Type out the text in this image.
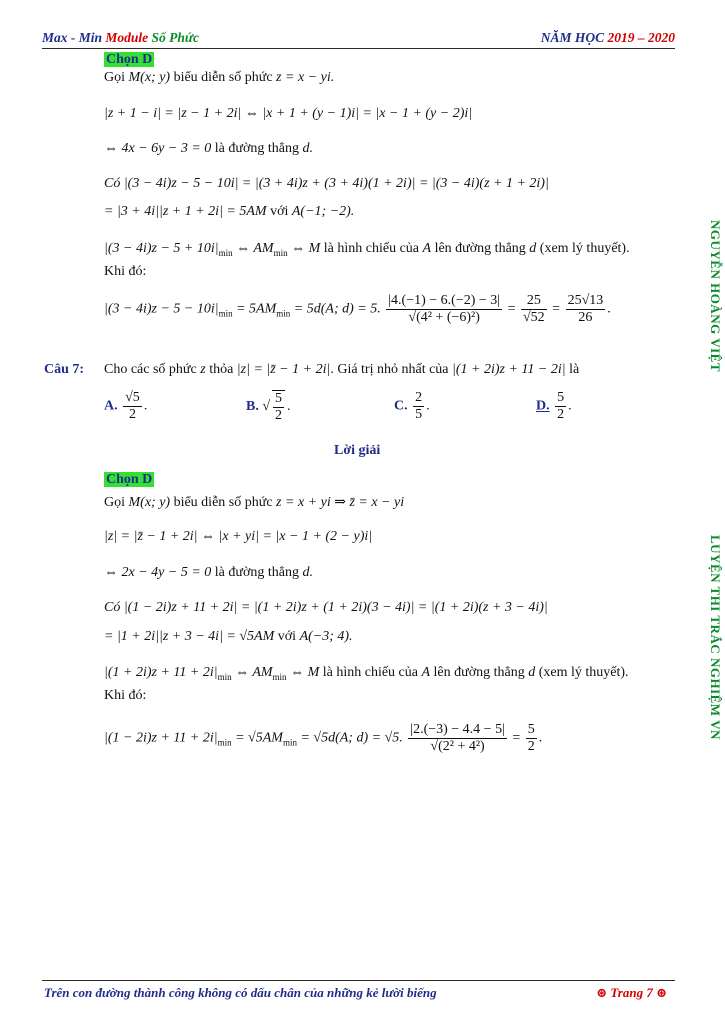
Max - Min Module Số Phức	NĂM HỌC 2019 – 2020
NGUYỄN HOÀNG VIỆT
LUYỆN THI TRẮC NGHIỆM VN
Chọn D
Gọi M(x; y) biểu diễn số phức z = x − yi.
|z + 1 − i| = |z − 1 + 2i| ⇔ |x + 1 + (y − 1)i| = |x − 1 + (y − 2)i|
⇔ 4x − 6y − 3 = 0 là đường thẳng d.
Có |(3 − 4i)z − 5 − 10i| = |(3 + 4i)z + (3 + 4i)(1 + 2i)| = |(3 − 4i)(z + 1 + 2i)|
= |3 + 4i||z + 1 + 2i| = 5AM với A(−1; −2).
$|(3 - 4i)z - 5 + 10i|_{min}$ ⇔ $AM_{min}$ ⇔ M là hình chiếu của A lên đường thẳng d (xem lý thuyết).
Khi đó:
$|(3 - 4i)z - 5 - 10i|_{min} = 5AM_{min} = 5d(A$; d) = 5. $\frac{|4.(-1) - 6.(-2) - 3|}{\text{√(4² + (−6)²)}} = \frac{25}{√52} = \frac{25√13}{26}$ .
Câu 7: Cho các số phức z thỏa |z| = |z̄ − 1 + 2i|. Giá trị nhỏ nhất của |(1 + 2i)z + 11 − 2i| là
A. $\frac{√5}{2}$ .	B. √ $\frac{5}{2}$ .	C. $\frac{2}{5}$ .	D. $\frac{5}{2}$ .
Lời giải
Chọn D
Gọi M(x; y) biểu diễn số phức z = x + yi ⇒ z̄ = x − yi
|z| = |z̄ − 1 + 2i| ⇔ |x + yi| = |x − 1 + (2 − y)i|
⇔ 2x − 4y − 5 = 0 là đường thẳng d.
Có |(1 − 2i)z + 11 + 2i| = |(1 + 2i)z + (1 + 2i)(3 − 4i)| = |(1 + 2i)(z + 3 − 4i)|
= |1 + 2i||z + 3 − 4i| = √5AM với A(−3; 4).
$|(1 + 2i)z + 11 + 2i|_{min}$ ⇔ $AM_{min}$ ⇔ M là hình chiếu của A lên đường thẳng d (xem lý thuyết).
Khi đó:
$|(1 - 2i)z + 11 + 2i|_{min} = √5AM_{min} = √5d(A$; d) = √5. $\frac{|2.(-3) - 4.4 - 5|}{\text{√(2² + 4²)}} = \frac{5}{2}$ .
Trên con đường thành công không có dấu chân của những kẻ lười biếng	⊛ Trang 7 ⊛
